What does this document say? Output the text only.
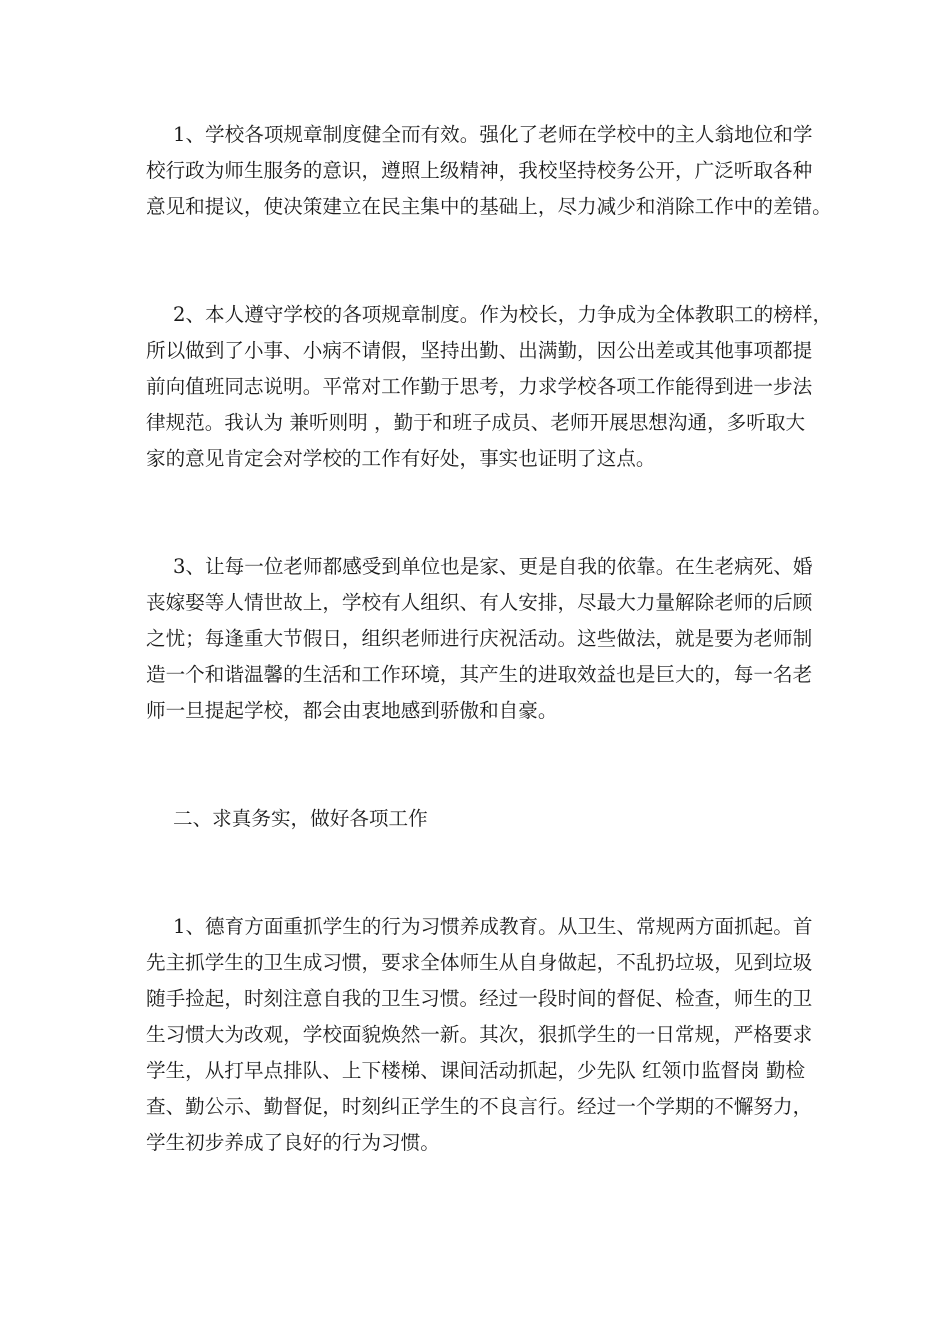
1、学校各项规章制度健全而有效。强化了老师在学校中的主人翁地位和学
校行政为师生服务的意识，遵照上级精神，我校坚持校务公开，广泛听取各种
意见和提议，使决策建立在民主集中的基础上，尽力减少和消除工作中的差错。
2、本人遵守学校的各项规章制度。作为校长，力争成为全体教职工的榜样，
所以做到了小事、小病不请假，坚持出勤、出满勤，因公出差或其他事项都提
前向值班同志说明。平常对工作勤于思考，力求学校各项工作能得到进一步法
律规范。我认为 兼听则明 ，勤于和班子成员、老师开展思想沟通，多听取大
家的意见肯定会对学校的工作有好处，事实也证明了这点。
3、让每一位老师都感受到单位也是家、更是自我的依靠。在生老病死、婚
丧嫁娶等人情世故上，学校有人组织、有人安排，尽最大力量解除老师的后顾
之忧；每逢重大节假日，组织老师进行庆祝活动。这些做法，就是要为老师制
造一个和谐温馨的生活和工作环境，其产生的进取效益也是巨大的，每一名老
师一旦提起学校，都会由衷地感到骄傲和自豪。
二、求真务实，做好各项工作
1、德育方面重抓学生的行为习惯养成教育。从卫生、常规两方面抓起。首
先主抓学生的卫生成习惯，要求全体师生从自身做起，不乱扔垃圾，见到垃圾
随手捡起，时刻注意自我的卫生习惯。经过一段时间的督促、检查，师生的卫
生习惯大为改观，学校面貌焕然一新。其次，狠抓学生的一日常规，严格要求
学生，从打早点排队、上下楼梯、课间活动抓起，少先队 红领巾监督岗 勤检
查、勤公示、勤督促，时刻纠正学生的不良言行。经过一个学期的不懈努力，
学生初步养成了良好的行为习惯。
